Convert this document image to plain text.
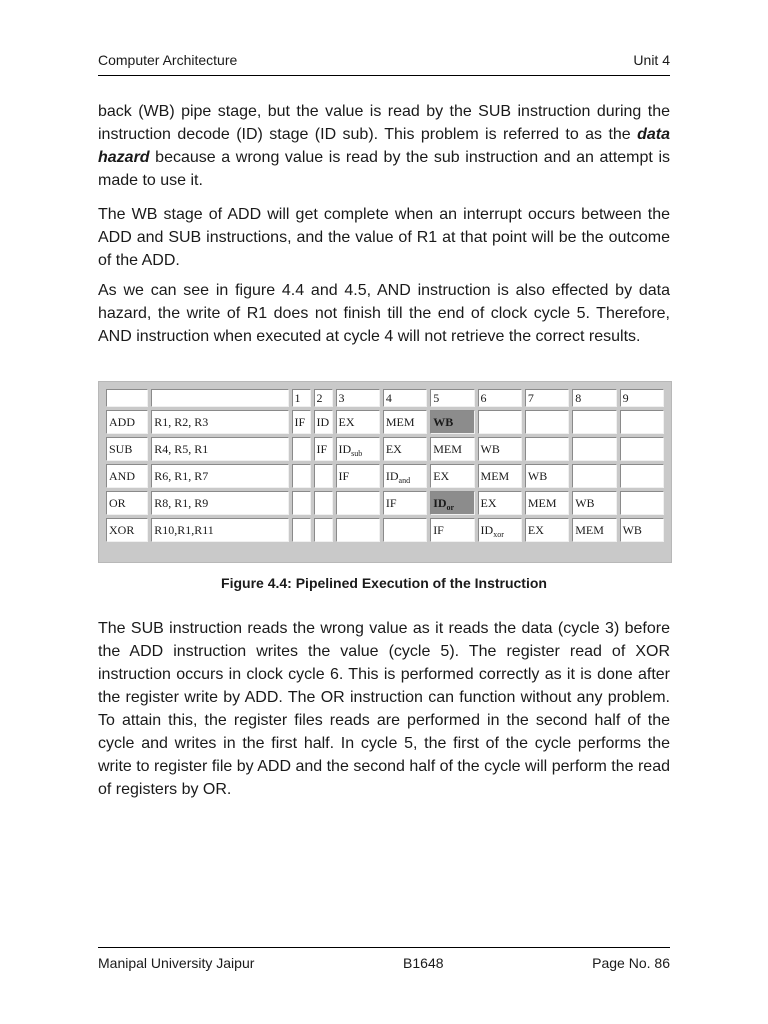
Computer Architecture	Unit 4

back (WB) pipe stage, but the value is read by the SUB instruction during the instruction decode (ID) stage (ID sub). This problem is referred to as the data hazard because a wrong value is read by the sub instruction and an attempt is made to use it.

The WB stage of ADD will get complete when an interrupt occurs between the ADD and SUB instructions, and the value of R1 at that point will be the outcome of the ADD.

As we can see in figure 4.4 and 4.5, AND instruction is also effected by data hazard, the write of R1 does not finish till the end of clock cycle 5. Therefore, AND instruction when executed at cycle 4 will not retrieve the correct results.

		1	2	3	4	5	6	7	8	9
ADD	R1, R2, R3	IF	ID	EX	MEM	WB				
SUB	R4, R5, R1		IF	$ID_{sub}$	EX	MEM	WB			
AND	R6, R1, R7			IF	$ID_{and}$	EX	MEM	WB		
OR	R8, R1, R9				IF	$ID_{or}$	EX	MEM	WB	
XOR	R10,R1,R11					IF	$ID_{xor}$	EX	MEM	WB

Figure 4.4: Pipelined Execution of the Instruction

The SUB instruction reads the wrong value as it reads the data (cycle 3) before the ADD instruction writes the value (cycle 5). The register read of XOR instruction occurs in clock cycle 6. This is performed correctly as it is done after the register write by ADD. The OR instruction can function without any problem. To attain this, the register files reads are performed in the second half of the cycle and writes in the first half. In cycle 5, the first of the cycle performs the write to register file by ADD and the second half of the cycle will perform the read of registers by OR.

Manipal University Jaipur	B1648	Page No. 86
